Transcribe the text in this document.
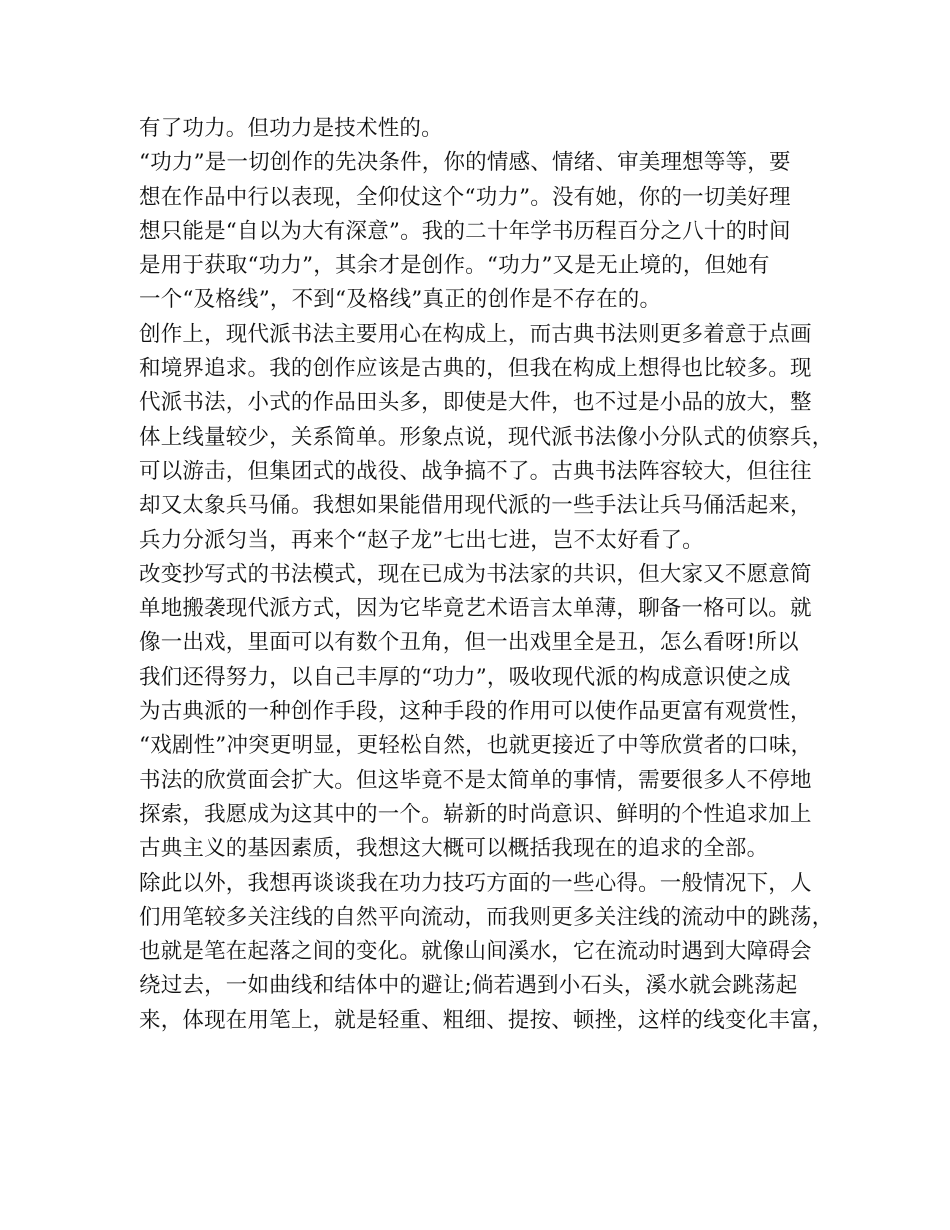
有了功力。但功力是技术性的。
“功力”是一切创作的先决条件，你的情感、情绪、审美理想等等，要
想在作品中行以表现，全仰仗这个“功力”。没有她，你的一切美好理
想只能是“自以为大有深意”。我的二十年学书历程百分之八十的时间
是用于获取“功力”，其余才是创作。“功力”又是无止境的，但她有
一个“及格线”，不到“及格线”真正的创作是不存在的。
创作上，现代派书法主要用心在构成上，而古典书法则更多着意于点画
和境界追求。我的创作应该是古典的，但我在构成上想得也比较多。现
代派书法，小式的作品田头多，即使是大件，也不过是小品的放大，整
体上线量较少，关系简单。形象点说，现代派书法像小分队式的侦察兵，
可以游击，但集团式的战役、战争搞不了。古典书法阵容较大，但往往
却又太象兵马俑。我想如果能借用现代派的一些手法让兵马俑活起来，
兵力分派匀当，再来个“赵子龙”七出七进，岂不太好看了。
改变抄写式的书法模式，现在已成为书法家的共识，但大家又不愿意简
单地搬袭现代派方式，因为它毕竟艺术语言太单薄，聊备一格可以。就
像一出戏，里面可以有数个丑角，但一出戏里全是丑，怎么看呀!所以
我们还得努力，以自己丰厚的“功力”，吸收现代派的构成意识使之成
为古典派的一种创作手段，这种手段的作用可以使作品更富有观赏性，
“戏剧性”冲突更明显，更轻松自然，也就更接近了中等欣赏者的口味，
书法的欣赏面会扩大。但这毕竟不是太简单的事情，需要很多人不停地
探索，我愿成为这其中的一个。崭新的时尚意识、鲜明的个性追求加上
古典主义的基因素质，我想这大概可以概括我现在的追求的全部。
除此以外，我想再谈谈我在功力技巧方面的一些心得。一般情况下，人
们用笔较多关注线的自然平向流动，而我则更多关注线的流动中的跳荡，
也就是笔在起落之间的变化。就像山间溪水，它在流动时遇到大障碍会
绕过去，一如曲线和结体中的避让;倘若遇到小石头，溪水就会跳荡起
来，体现在用笔上，就是轻重、粗细、提按、顿挫，这样的线变化丰富，
